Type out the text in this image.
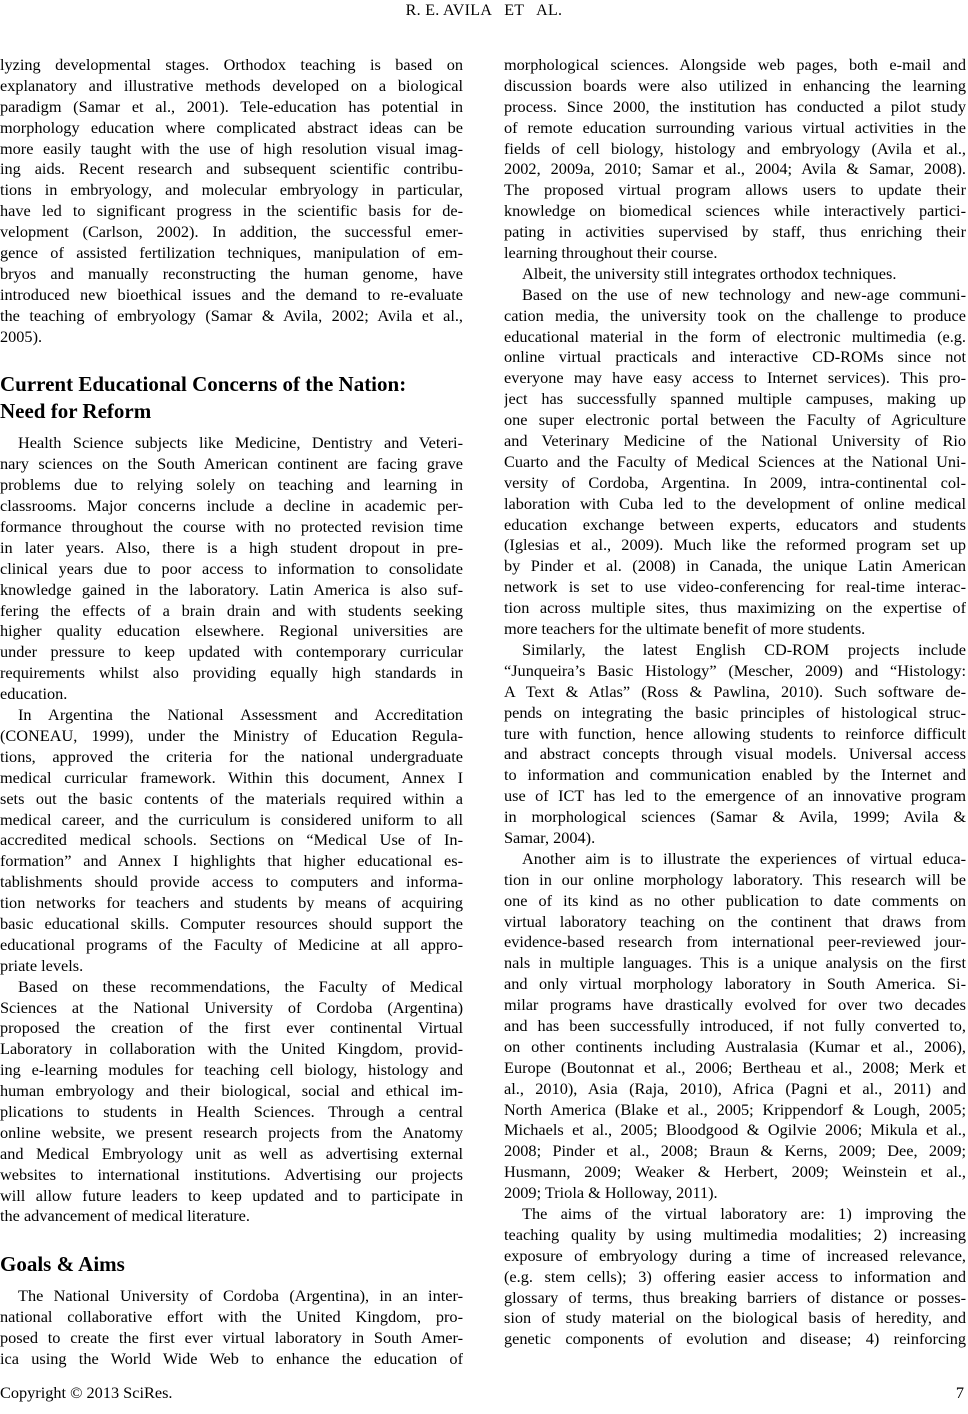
R. E. AVILA   ET   AL.
lyzing developmental stages. Orthodox teaching is based on
explanatory and illustrative methods developed on a biological
paradigm (Samar et al., 2001). Tele-education has potential in
morphology education where complicated abstract ideas can be
more easily taught with the use of high resolution visual imag-
ing aids. Recent research and subsequent scientific contribu-
tions in embryology, and molecular embryology in particular,
have led to significant progress in the scientific basis for de-
velopment (Carlson, 2002). In addition, the successful emer-
gence of assisted fertilization techniques, manipulation of em-
bryos and manually reconstructing the human genome, have
introduced new bioethical issues and the demand to re-evaluate
the teaching of embryology (Samar & Avila, 2002; Avila et al.,
2005).
Current Educational Concerns of the Nation:
Need for Reform
Health Science subjects like Medicine, Dentistry and Veteri-
nary sciences on the South American continent are facing grave
problems due to relying solely on teaching and learning in
classrooms. Major concerns include a decline in academic per-
formance throughout the course with no protected revision time
in later years. Also, there is a high student dropout in pre-
clinical years due to poor access to information to consolidate
knowledge gained in the laboratory. Latin America is also suf-
fering the effects of a brain drain and with students seeking
higher quality education elsewhere. Regional universities are
under pressure to keep updated with contemporary curricular
requirements whilst also providing equally high standards in
education.
In Argentina the National Assessment and Accreditation
(CONEAU, 1999), under the Ministry of Education Regula-
tions, approved the criteria for the national undergraduate
medical curricular framework. Within this document, Annex I
sets out the basic contents of the materials required within a
medical career, and the curriculum is considered uniform to all
accredited medical schools. Sections on “Medical Use of In-
formation” and Annex I highlights that higher educational es-
tablishments should provide access to computers and informa-
tion networks for teachers and students by means of acquiring
basic educational skills. Computer resources should support the
educational programs of the Faculty of Medicine at all appro-
priate levels.
Based on these recommendations, the Faculty of Medical
Sciences at the National University of Cordoba (Argentina)
proposed the creation of the first ever continental Virtual
Laboratory in collaboration with the United Kingdom, provid-
ing e-learning modules for teaching cell biology, histology and
human embryology and their biological, social and ethical im-
plications to students in Health Sciences. Through a central
online website, we present research projects from the Anatomy
and Medical Embryology unit as well as advertising external
websites to international institutions. Advertising our projects
will allow future leaders to keep updated and to participate in
the advancement of medical literature.
Goals & Aims
The National University of Cordoba (Argentina), in an inter-
national collaborative effort with the United Kingdom, pro-
posed to create the first ever virtual laboratory in South Amer-
ica using the World Wide Web to enhance the education of
morphological sciences. Alongside web pages, both e-mail and
discussion boards were also utilized in enhancing the learning
process. Since 2000, the institution has conducted a pilot study
of remote education surrounding various virtual activities in the
fields of cell biology, histology and embryology (Avila et al.,
2002, 2009a, 2010; Samar et al., 2004; Avila & Samar, 2008).
The proposed virtual program allows users to update their
knowledge on biomedical sciences while interactively partici-
pating in activities supervised by staff, thus enriching their
learning throughout their course.
Albeit, the university still integrates orthodox techniques.
Based on the use of new technology and new-age communi-
cation media, the university took on the challenge to produce
educational material in the form of electronic multimedia (e.g.
online virtual practicals and interactive CD-ROMs since not
everyone may have easy access to Internet services). This pro-
ject has successfully spanned multiple campuses, making up
one super electronic portal between the Faculty of Agriculture
and Veterinary Medicine of the National University of Rio
Cuarto and the Faculty of Medical Sciences at the National Uni-
versity of Cordoba, Argentina. In 2009, intra-continental col-
laboration with Cuba led to the development of online medical
education exchange between experts, educators and students
(Iglesias et al., 2009). Much like the reformed program set up
by Pinder et al. (2008) in Canada, the unique Latin American
network is set to use video-conferencing for real-time interac-
tion across multiple sites, thus maximizing on the expertise of
more teachers for the ultimate benefit of more students.
Similarly, the latest English CD-ROM projects include
“Junqueira’s Basic Histology” (Mescher, 2009) and “Histology:
A Text & Atlas” (Ross & Pawlina, 2010). Such software de-
pends on integrating the basic principles of histological struc-
ture with function, hence allowing students to reinforce difficult
and abstract concepts through visual models. Universal access
to information and communication enabled by the Internet and
use of ICT has led to the emergence of an innovative program
in morphological sciences (Samar & Avila, 1999; Avila &
Samar, 2004).
Another aim is to illustrate the experiences of virtual educa-
tion in our online morphology laboratory. This research will be
one of its kind as no other publication to date comments on
virtual laboratory teaching on the continent that draws from
evidence-based research from international peer-reviewed jour-
nals in multiple languages. This is a unique analysis on the first
and only virtual morphology laboratory in South America. Si-
milar programs have drastically evolved for over two decades
and has been successfully introduced, if not fully converted to,
on other continents including Australasia (Kumar et al., 2006),
Europe (Boutonnat et al., 2006; Bertheau et al., 2008; Merk et
al., 2010), Asia (Raja, 2010), Africa (Pagni et al., 2011) and
North America (Blake et al., 2005; Krippendorf & Lough, 2005;
Michaels et al., 2005; Bloodgood & Ogilvie 2006; Mikula et al.,
2008; Pinder et al., 2008; Braun & Kerns, 2009; Dee, 2009;
Husmann, 2009; Weaker & Herbert, 2009; Weinstein et al.,
2009; Triola & Holloway, 2011).
The aims of the virtual laboratory are: 1) improving the
teaching quality by using multimedia modalities; 2) increasing
exposure of embryology during a time of increased relevance,
(e.g. stem cells); 3) offering easier access to information and
glossary of terms, thus breaking barriers of distance or posses-
sion of study material on the biological basis of heredity, and
genetic components of evolution and disease; 4) reinforcing
Copyright © 2013 SciRes.	7
